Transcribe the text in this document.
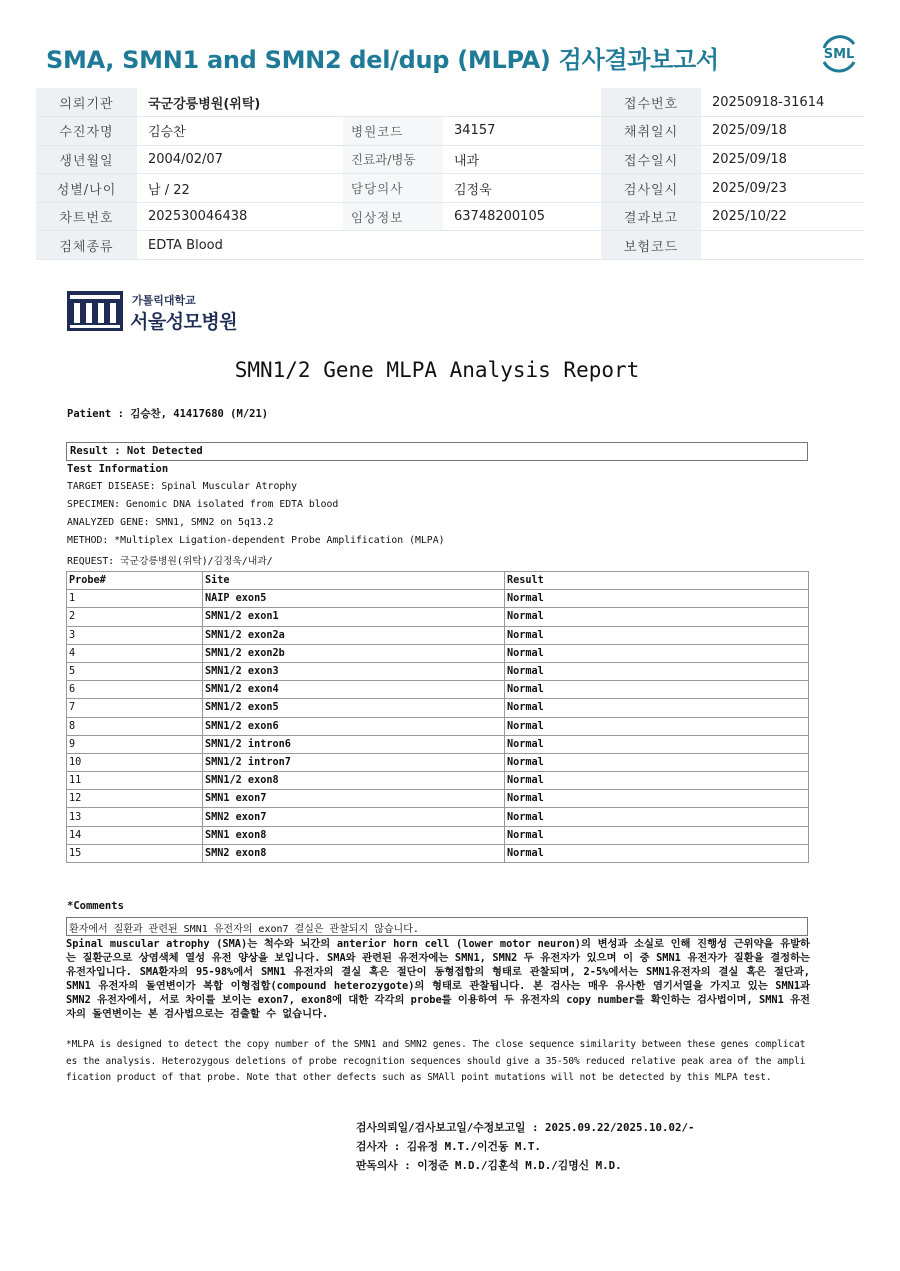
SMA, SMN1 and SMN2 del/dup (MLPA) 검사결과보고서	SML
의뢰기관	국군강릉병원(위탁)			접수번호	20250918-31614
수진자명	김승찬	병원코드	34157	채취일시	2025/09/18
생년월일	2004/02/07	진료과/병동	내과	접수일시	2025/09/18
성별/나이	남 / 22	담당의사	김정욱	검사일시	2025/09/23
차트번호	202530046438	임상정보	63748200105	결과보고	2025/10/22
검체종류	EDTA Blood			보험코드	
가톨릭대학교
서울성모병원
SMN1/2 Gene MLPA Analysis Report
Patient : 김승찬, 41417680 (M/21)
Result : Not Detected
Test Information
TARGET DISEASE: Spinal Muscular Atrophy
SPECIMEN: Genomic DNA isolated from EDTA blood
ANALYZED GENE: SMN1, SMN2 on 5q13.2
METHOD: *Multiplex Ligation-dependent Probe Amplification (MLPA)
REQUEST: 국군강릉병원(위탁)/김정욱/내과/
Probe#	Site	Result
1	NAIP exon5	Normal
2	SMN1/2 exon1	Normal
3	SMN1/2 exon2a	Normal
4	SMN1/2 exon2b	Normal
5	SMN1/2 exon3	Normal
6	SMN1/2 exon4	Normal
7	SMN1/2 exon5	Normal
8	SMN1/2 exon6	Normal
9	SMN1/2 intron6	Normal
10	SMN1/2 intron7	Normal
11	SMN1/2 exon8	Normal
12	SMN1 exon7	Normal
13	SMN2 exon7	Normal
14	SMN1 exon8	Normal
15	SMN2 exon8	Normal
*Comments
환자에서 질환과 관련된 SMN1 유전자의 exon7 결실은 관찰되지 않습니다.
Spinal muscular atrophy (SMA)는 척수와 뇌간의 anterior horn cell (lower motor neuron)의 변성과 소실로 인해 진행성 근위약을 유발하는 질환군으로 상염색체 열성 유전 양상을 보입니다. SMA와 관련된 유전자에는 SMN1, SMN2 두 유전자가 있으며 이 중 SMN1 유전자가 질환을 결정하는 유전자입니다. SMA환자의 95-98%에서 SMN1 유전자의 결실 혹은 절단이 동형접합의 형태로 관찰되며, 2-5%에서는 SMN1유전자의 결실 혹은 절단과, SMN1 유전자의 돌연변이가 복합 이형접합(compound heterozygote)의 형태로 관찰됩니다. 본 검사는 매우 유사한 염기서열을 가지고 있는 SMN1과 SMN2 유전자에서, 서로 차이를 보이는 exon7, exon8에 대한 각각의 probe를 이용하여 두 유전자의 copy number를 확인하는 검사법이며, SMN1 유전자의 돌연변이는 본 검사법으로는 검출할 수 없습니다.
*MLPA is designed to detect the copy number of the SMN1 and SMN2 genes. The close sequence similarity between these genes complicates the analysis. Heterozygous deletions of probe recognition sequences should give a 35-50% reduced relative peak area of the amplification product of that probe. Note that other defects such as SMAll point mutations will not be detected by this MLPA test.
검사의뢰일/검사보고일/수정보고일 : 2025.09.22/2025.10.02/-
검사자 : 김유정 M.T./이건동 M.T.
판독의사 : 이정준 M.D./김훈석 M.D./김명신 M.D.
